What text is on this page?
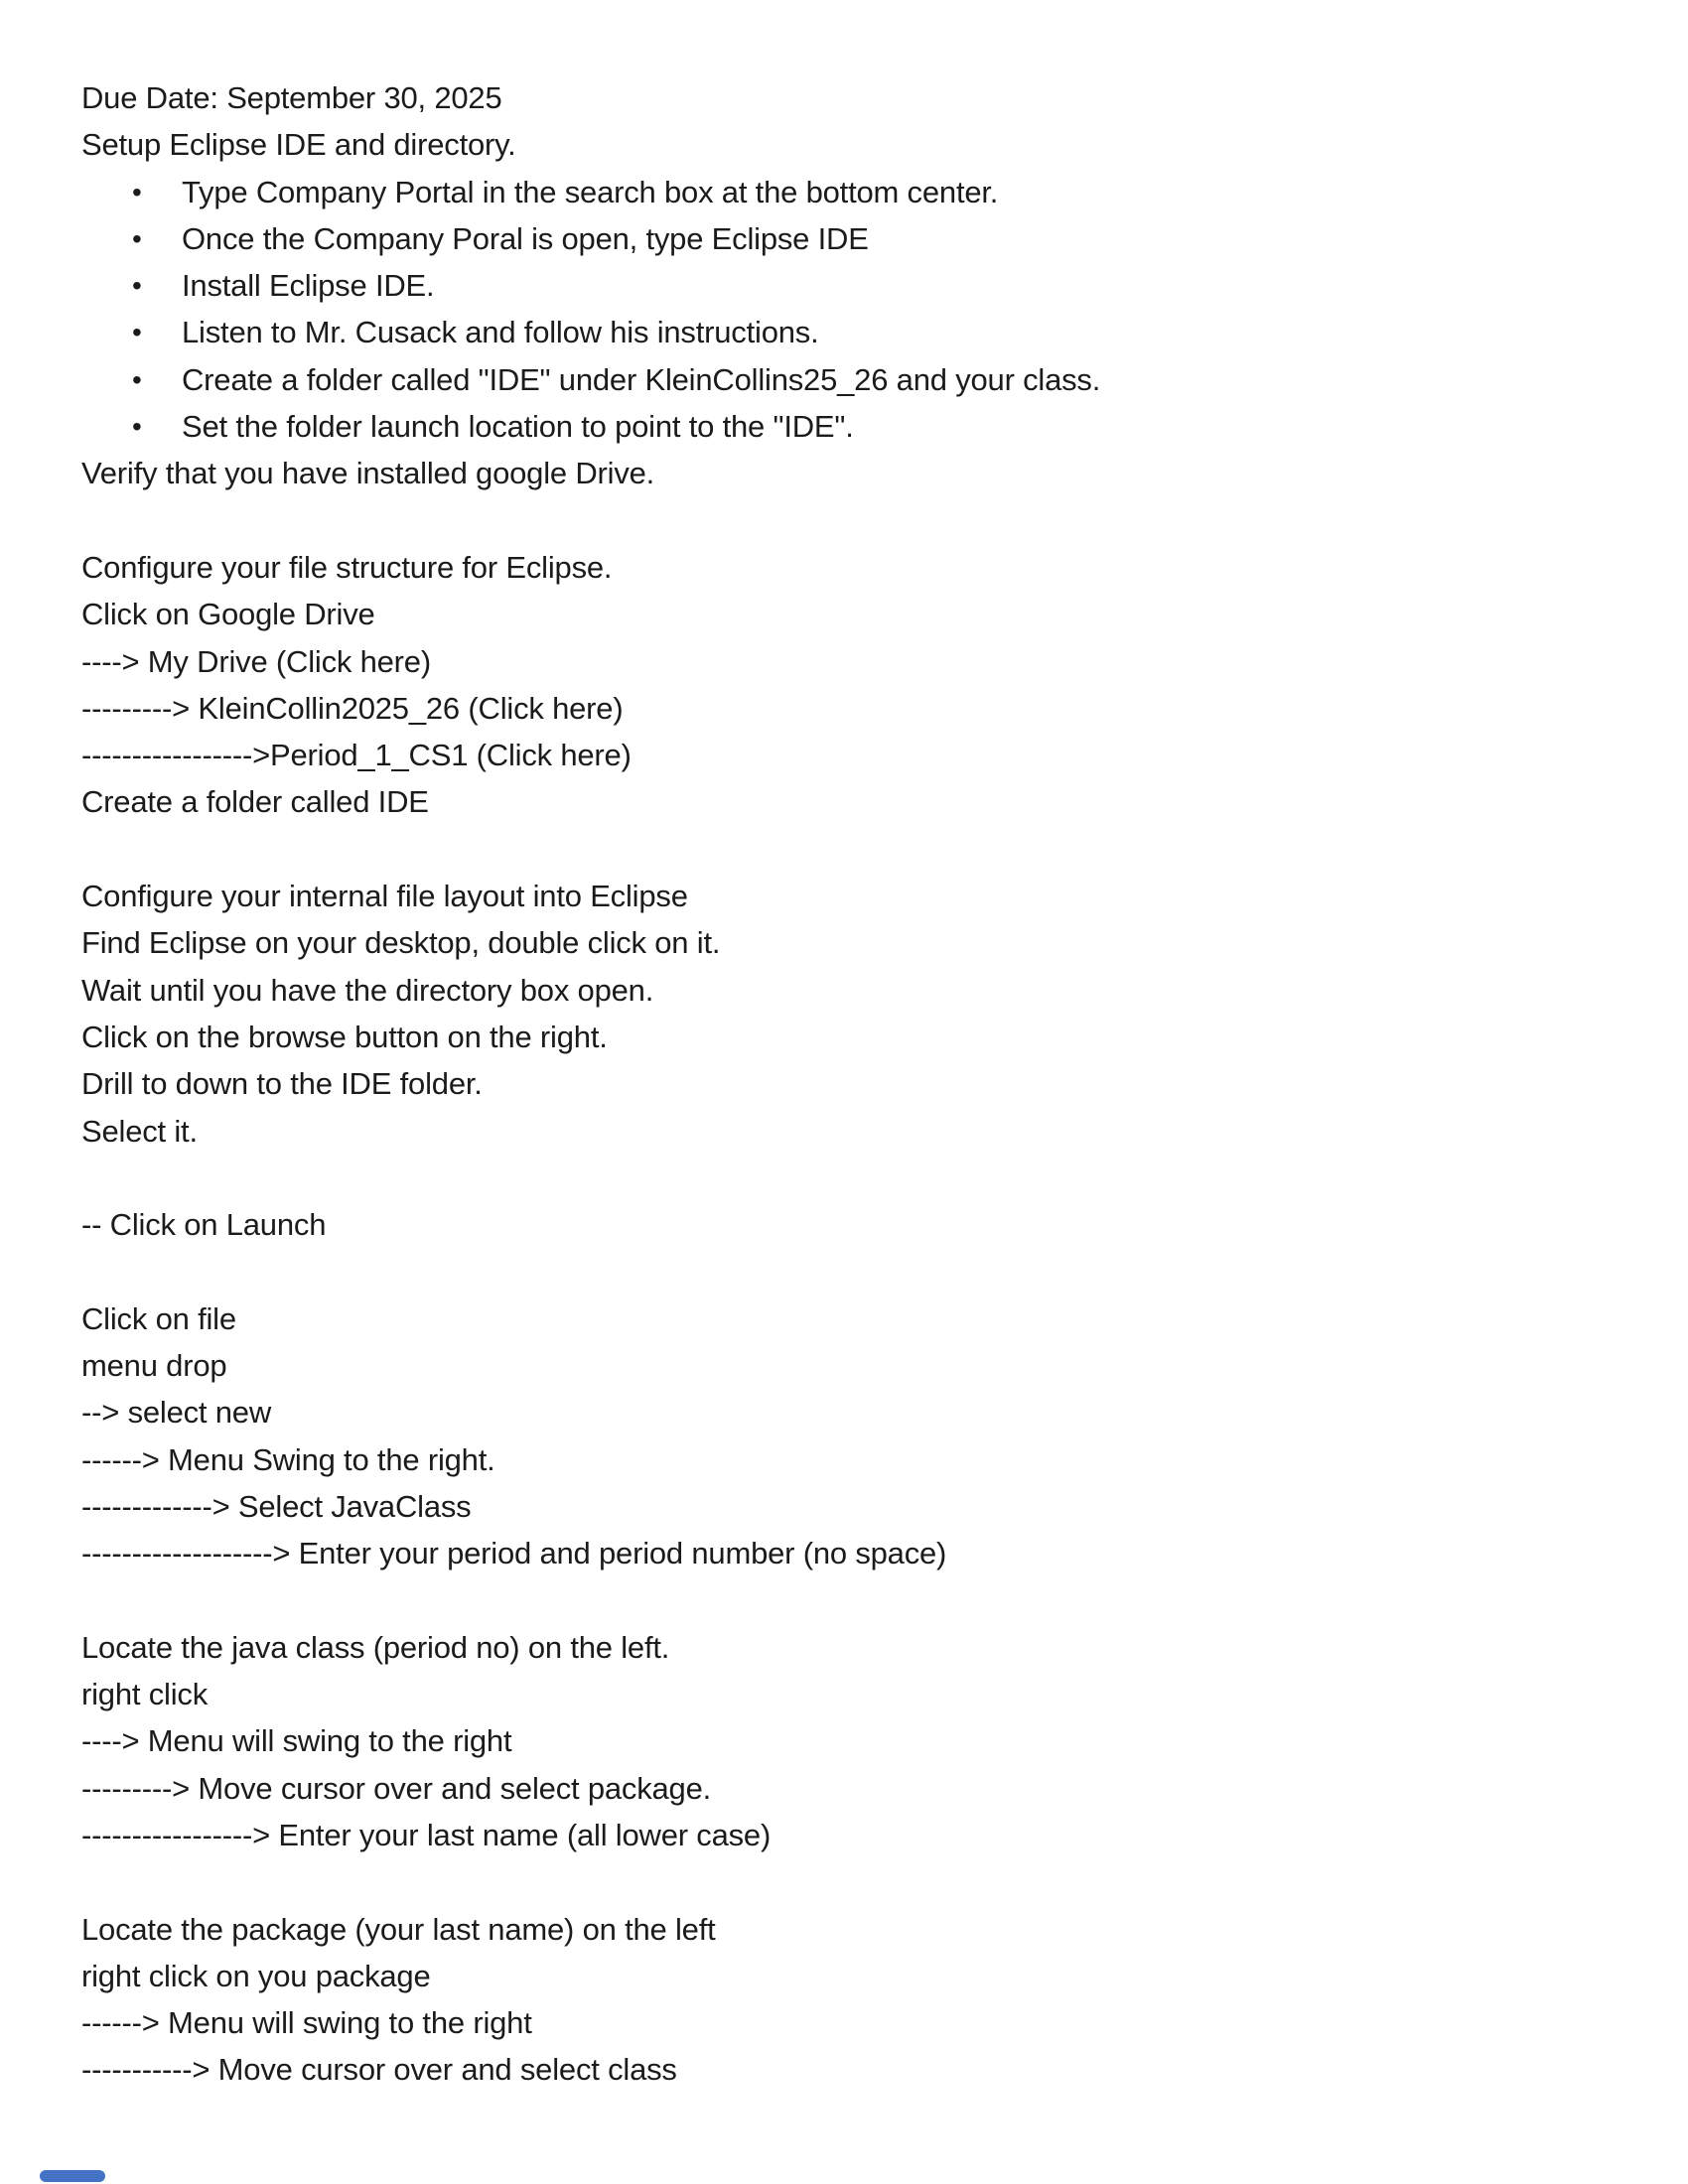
Due Date: September 30, 2025
Setup Eclipse IDE and directory.
• Type Company Portal in the search box at the bottom center.
• Once the Company Poral is open, type Eclipse IDE
• Install Eclipse IDE.
• Listen to Mr. Cusack and follow his instructions.
• Create a folder called "IDE" under KleinCollins25_26 and your class.
• Set the folder launch location to point to the "IDE".
Verify that you have installed google Drive.
Configure your file structure for Eclipse.
Click on Google Drive
----> My Drive (Click here)
---------> KleinCollin2025_26 (Click here)
----------------->Period_1_CS1 (Click here)
Create a folder called IDE
Configure your internal file layout into Eclipse
Find Eclipse on your desktop, double click on it.
Wait until you have the directory box open.
Click on the browse button on the right.
Drill to down to the IDE folder.
Select it.
-- Click on Launch
Click on file
menu drop
--> select new
------> Menu Swing to the right.
-------------> Select JavaClass
-------------------> Enter your period and period number (no space)
Locate the java class (period no) on the left.
right click
----> Menu will swing to the right
---------> Move cursor over and select package.
-----------------> Enter your last name (all lower case)
Locate the package (your last name) on the left
right click on you package
------> Menu will swing to the right
-----------> Move cursor over and select class
